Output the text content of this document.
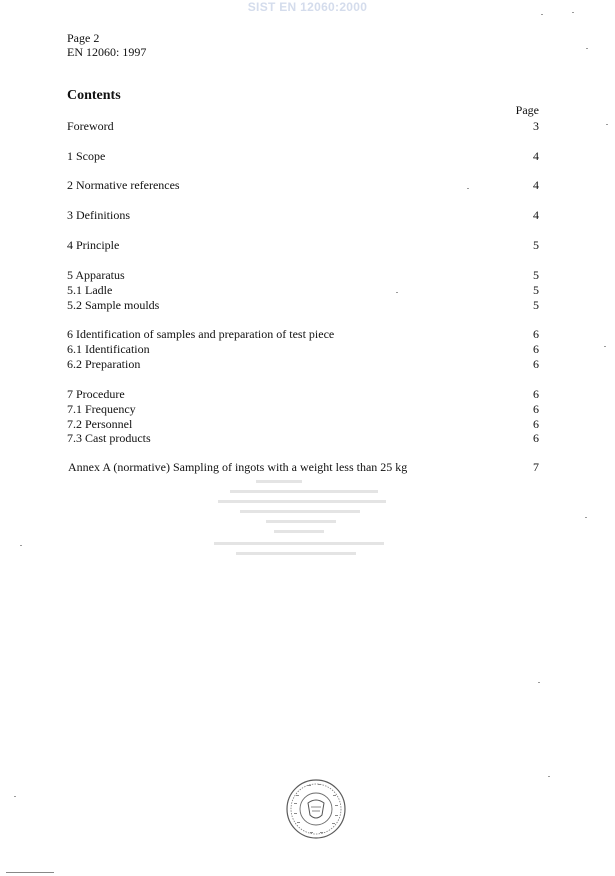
SIST EN 12060:2000
Page 2
EN 12060: 1997
Contents
Page
Foreword	3
1 Scope	4
2 Normative references	4
3 Definitions	4
4 Principle	5
5 Apparatus	5
5.1 Ladle	5
5.2 Sample moulds	5
6 Identification of samples and preparation of test piece	6
6.1 Identification	6
6.2 Preparation	6
7 Procedure	6
7.1 Frequency	6
7.2 Personnel	6
7.3 Cast products	6
Annex A (normative) Sampling of ingots with a weight less than 25 kg	7
